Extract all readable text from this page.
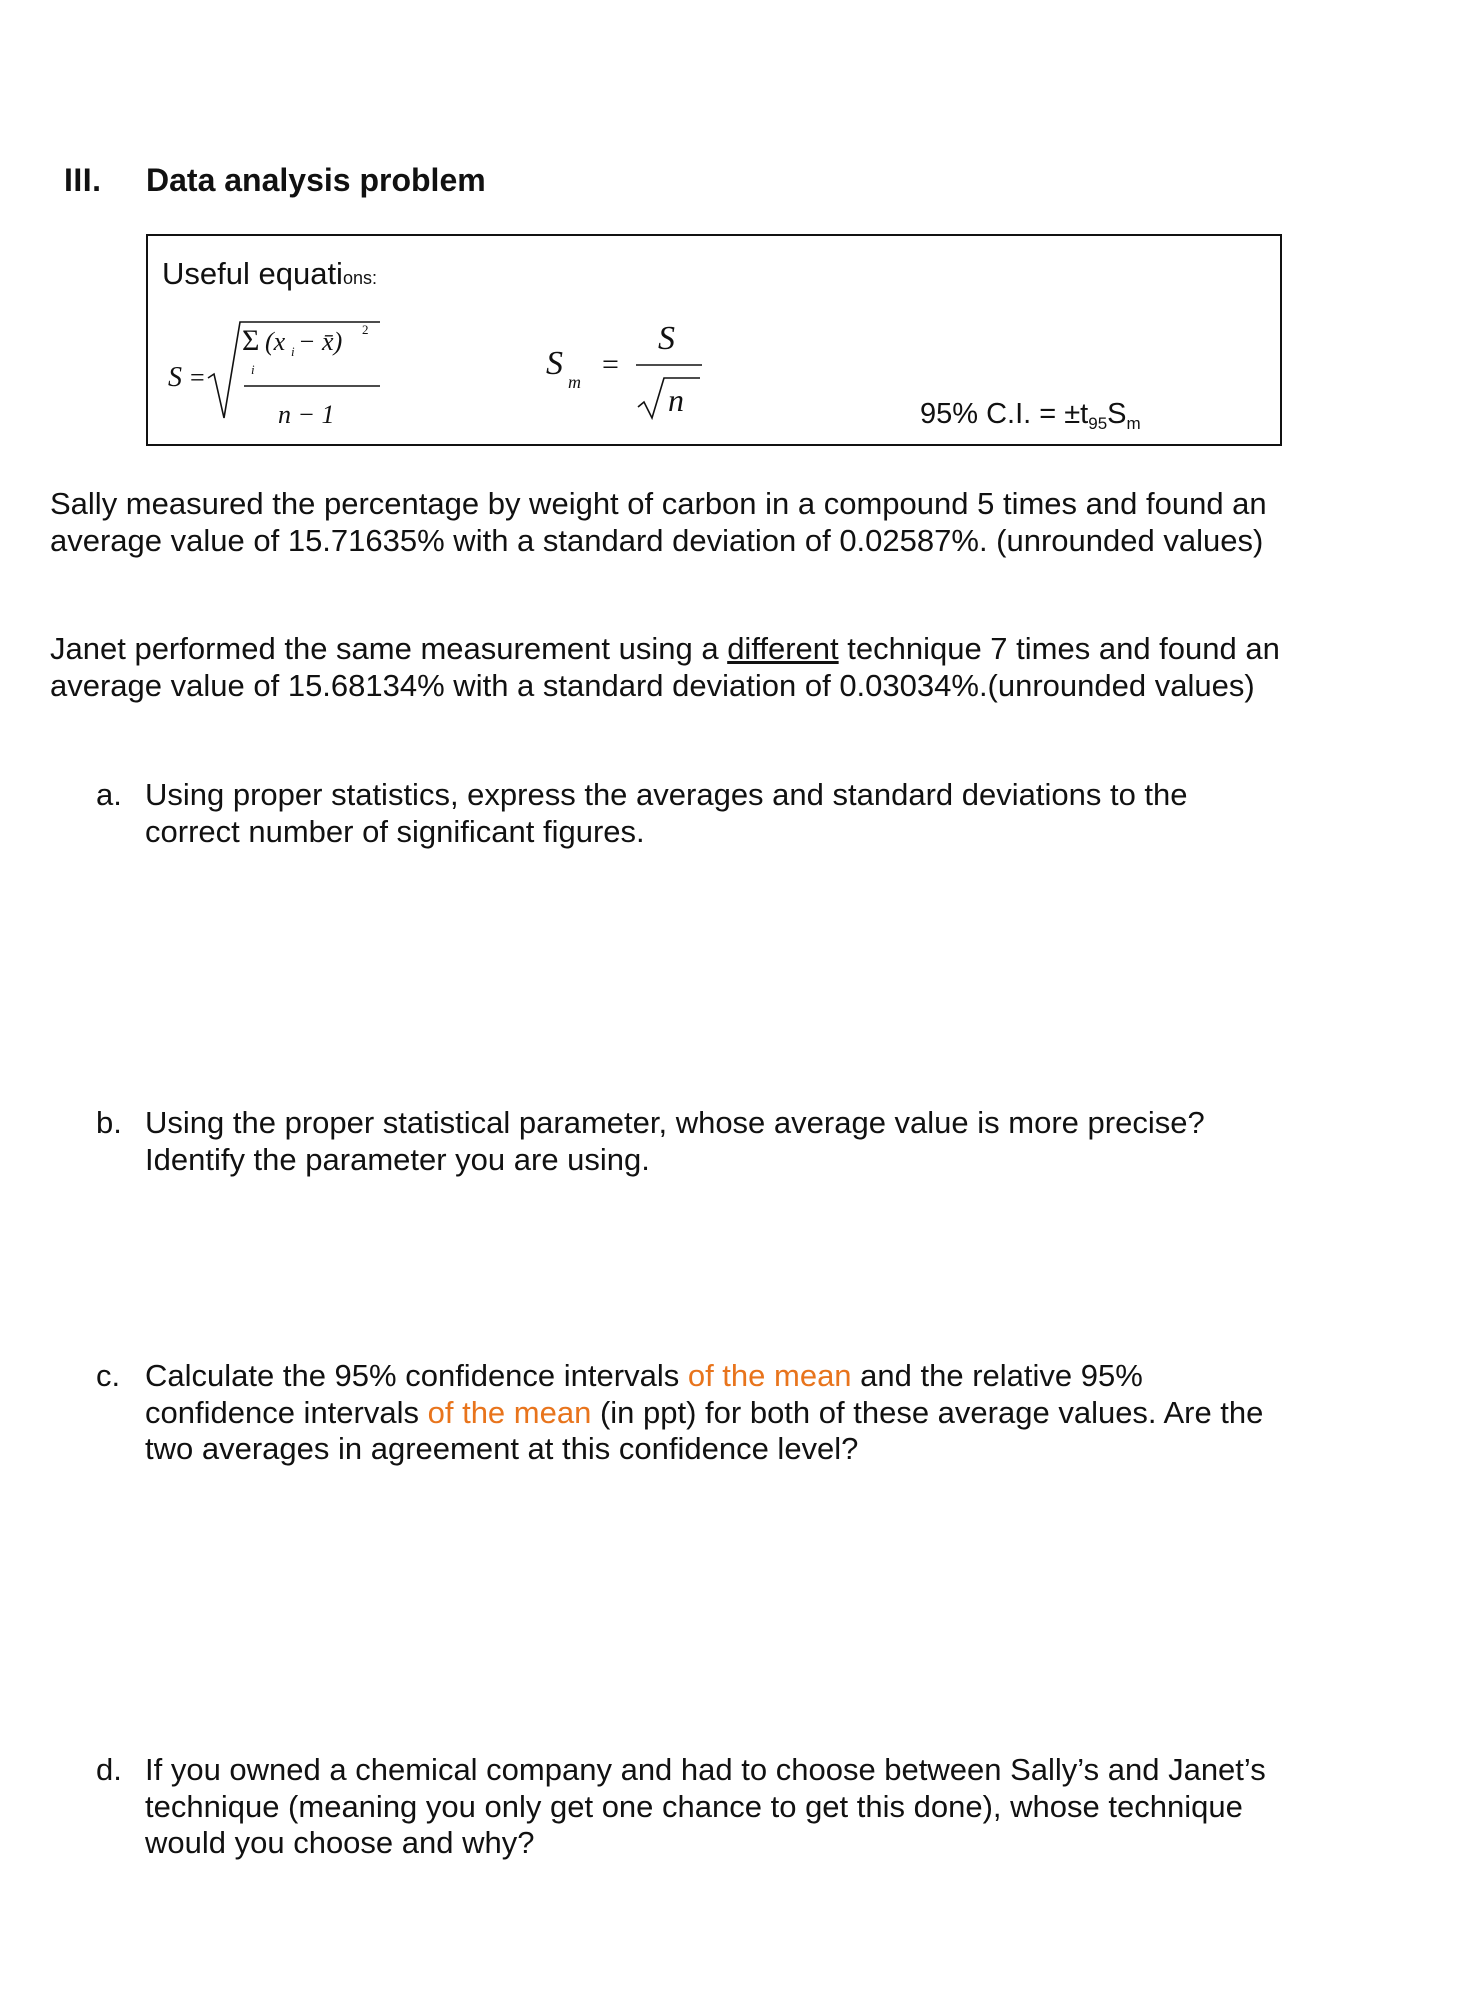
III. Data analysis problem
Useful equations:
S =
Σ (x i − x̄) 2
i
n − 1
S m
=
S
n	95% C.I. = $\pm t_{95}S_m$
Sally measured the percentage by weight of carbon in a compound 5 times and found an average value of 15.71635% with a standard deviation of 0.02587%. (unrounded values)
Janet performed the same measurement using a different technique 7 times and found an average value of 15.68134% with a standard deviation of 0.03034%.(unrounded values)
a. Using proper statistics, express the averages and standard deviations to the correct number of significant figures.
b. Using the proper statistical parameter, whose average value is more precise? Identify the parameter you are using.
c. Calculate the 95% confidence intervals of the mean and the relative 95% confidence intervals of the mean (in ppt) for both of these average values. Are the two averages in agreement at this confidence level?
d. If you owned a chemical company and had to choose between Sally’s and Janet’s technique (meaning you only get one chance to get this done), whose technique would you choose and why?
